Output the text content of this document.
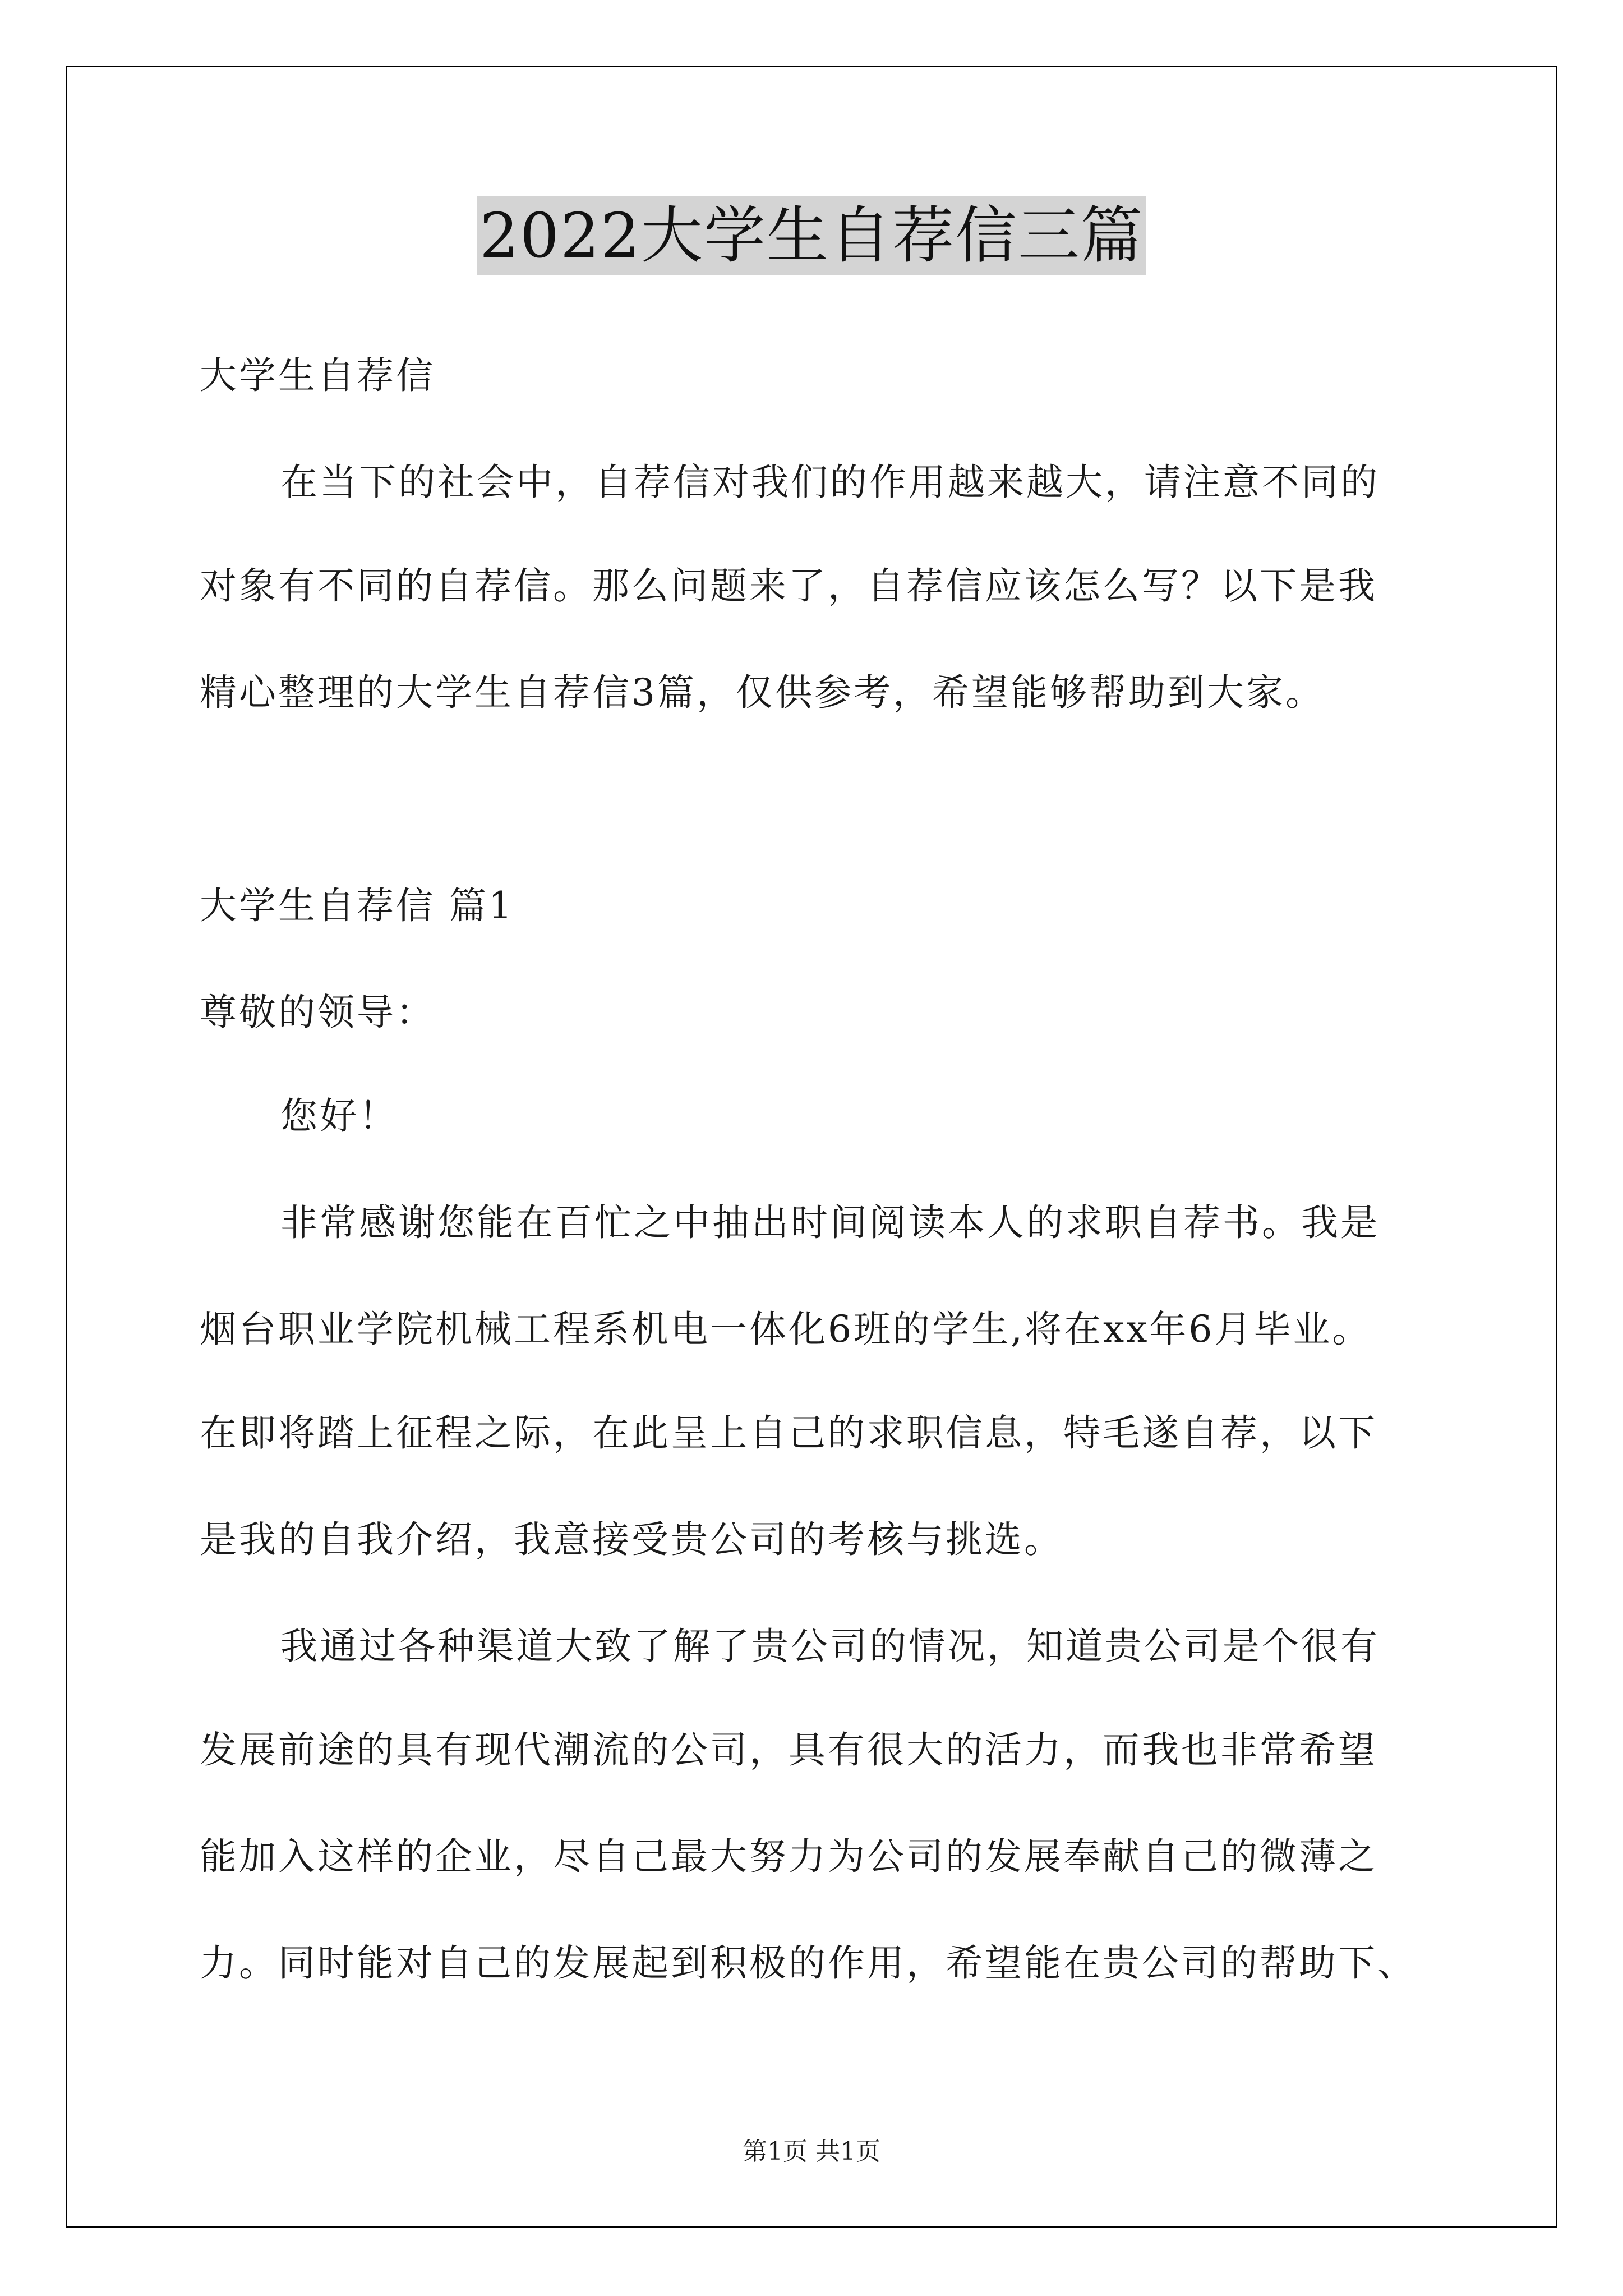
2022大学生自荐信三篇
大学生自荐信
在当下的社会中，自荐信对我们的作用越来越大，请注意不同的
对象有不同的自荐信。那么问题来了，自荐信应该怎么写？以下是我
精心整理的大学生自荐信3篇，仅供参考，希望能够帮助到大家。
大学生自荐信 篇1
尊敬的领导：
您好！
非常感谢您能在百忙之中抽出时间阅读本人的求职自荐书。我是
烟台职业学院机械工程系机电一体化6班的学生,将在xx年6月毕业。
在即将踏上征程之际，在此呈上自己的求职信息，特毛遂自荐，以下
是我的自我介绍，我意接受贵公司的考核与挑选。
我通过各种渠道大致了解了贵公司的情况，知道贵公司是个很有
发展前途的具有现代潮流的公司，具有很大的活力，而我也非常希望
能加入这样的企业，尽自己最大努力为公司的发展奉献自己的微薄之
力。同时能对自己的发展起到积极的作用，希望能在贵公司的帮助下、
第1页 共1页
